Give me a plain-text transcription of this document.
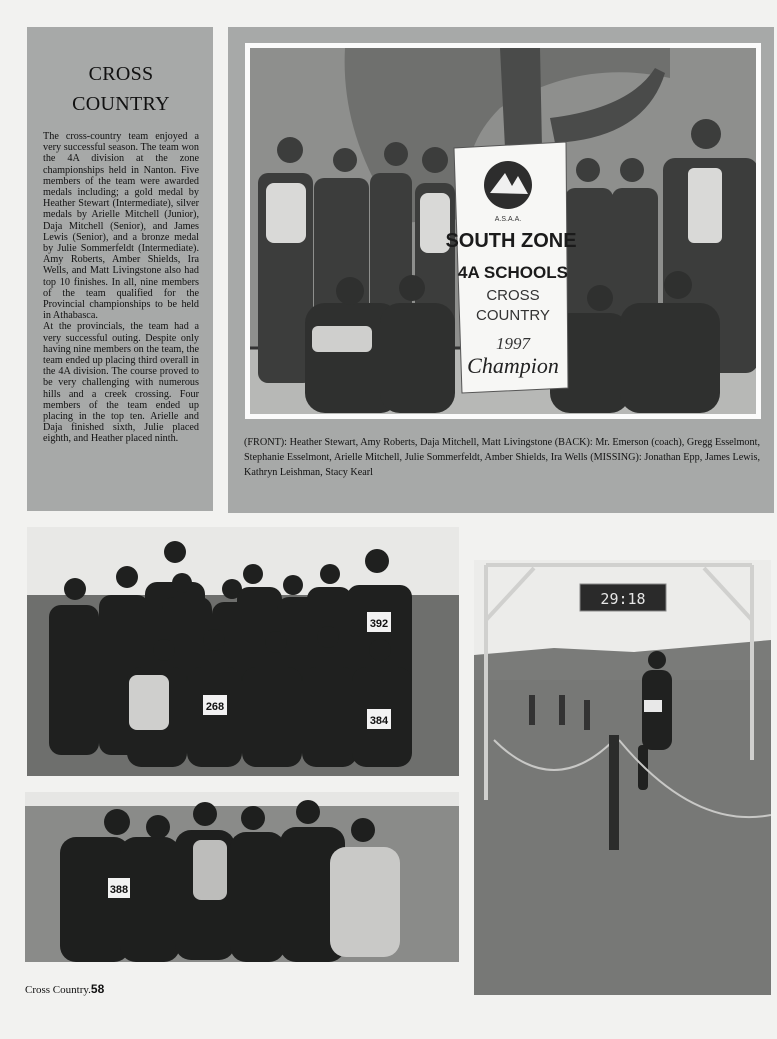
CROSS
COUNTRY

The cross-country team enjoyed a very successful season. The team won the 4A division at the zone championships held in Nanton. Five members of the team were awarded medals including; a gold medal by Heather Stewart (Intermediate), silver medals by Arielle Mitchell (Junior), Daja Mitchell (Senior), and James Lewis (Senior), and a bronze medal by Julie Sommerfeldt (Intermediate). Amy Roberts, Amber Shields, Ira Wells, and Matt Livingstone also had top 10 finishes. In all, nine members of the team qualified for the Provincial championships to be held in Athabasca.

At the provincials, the team had a very successful outing. Despite only having nine members on the team, the team ended up placing third overall in the 4A division. The course proved to be very challenging with numerous hills and a creek crossing. Four members of the team ended up placing in the top ten. Arielle and Daja finished sixth, Julie placed eighth, and Heather placed ninth.

A.S.A.A.
SOUTH ZONE
4A SCHOOLS
CROSS
COUNTRY
1997
Champion
(FRONT): Heather Stewart, Amy Roberts, Daja Mitchell, Matt Livingstone (BACK): Mr. Emerson (coach), Gregg Esselmont, Stephanie Esselmont, Arielle Mitchell, Julie Sommerfeldt, Amber Shields, Ira Wells (MISSING): Jonathan Epp, James Lewis, Kathryn Leishman, Stacy Kearl
392
268
384
388
29:18
Cross Country.58
